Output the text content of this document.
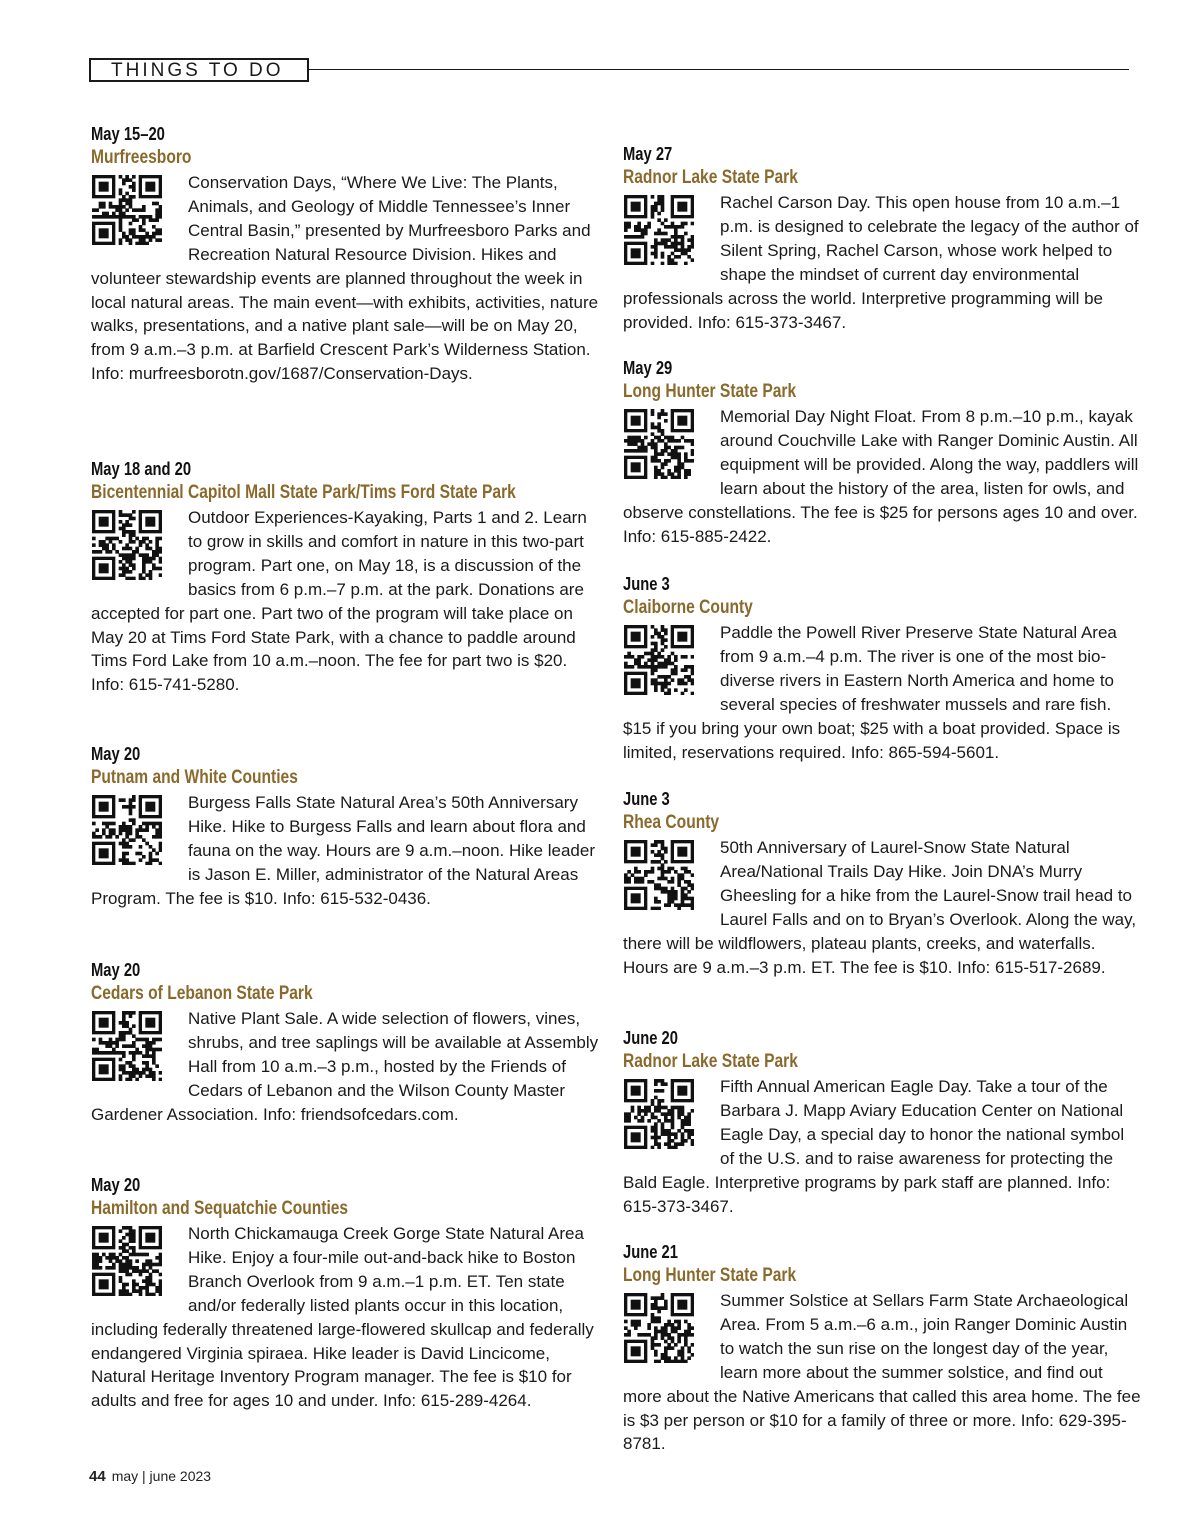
THINGS TO DO
May 15–20
Murfreesboro

Conservation Days, “Where We Live: The Plants, Animals, and Geology of Middle Tennessee’s Inner Central Basin,” presented by Murfreesboro Parks and Recreation Natural Resource Division. Hikes and volunteer stewardship events are planned throughout the week in local natural areas. The main event—with exhibits, activities, nature walks, presentations, and a native plant sale—will be on May 20, from 9 a.m.–3 p.m. at Barfield Crescent Park’s Wilderness Station. Info: murfreesborotn.gov/1687/Conservation-Days.

May 18 and 20
Bicentennial Capitol Mall State Park/Tims Ford State Park

Outdoor Experiences-Kayaking, Parts 1 and 2. Learn to grow in skills and comfort in nature in this two-part program. Part one, on May 18, is a discussion of the basics from 6 p.m.–7 p.m. at the park. Donations are accepted for part one. Part two of the program will take place on May 20 at Tims Ford State Park, with a chance to paddle around Tims Ford Lake from 10 a.m.–noon. The fee for part two is $20. Info: 615-741-5280.

May 20
Putnam and White Counties

Burgess Falls State Natural Area’s 50th Anniversary Hike. Hike to Burgess Falls and learn about flora and fauna on the way. Hours are 9 a.m.–noon. Hike leader is Jason E. Miller, administrator of the Natural Areas Program. The fee is $10. Info: 615-532-0436.

May 20
Cedars of Lebanon State Park

Native Plant Sale. A wide selection of flowers, vines, shrubs, and tree saplings will be available at Assembly Hall from 10 a.m.–3 p.m., hosted by the Friends of Cedars of Lebanon and the Wilson County Master Gardener Association. Info: friendsofcedars.com.

May 20
Hamilton and Sequatchie Counties

North Chickamauga Creek Gorge State Natural Area Hike. Enjoy a four-mile out-and-back hike to Boston Branch Overlook from 9 a.m.–1 p.m. ET. Ten state and/or federally listed plants occur in this location, including federally threatened large-flowered skullcap and federally endangered Virginia spiraea. Hike leader is David Lincicome, Natural Heritage Inventory Program manager. The fee is $10 for adults and free for ages 10 and under. Info: 615-289-4264.

May 27
Radnor Lake State Park

Rachel Carson Day. This open house from 10 a.m.–1 p.m. is designed to celebrate the legacy of the author of Silent Spring, Rachel Carson, whose work helped to shape the mindset of current day environmental professionals across the world. Interpretive programming will be provided. Info: 615-373-3467.

May 29
Long Hunter State Park

Memorial Day Night Float. From 8 p.m.–10 p.m., kayak around Couchville Lake with Ranger Dominic Austin. All equipment will be provided. Along the way, paddlers will learn about the history of the area, listen for owls, and observe constellations. The fee is $25 for persons ages 10 and over. Info: 615-885-2422.

June 3
Claiborne County

Paddle the Powell River Preserve State Natural Area from 9 a.m.–4 p.m. The river is one of the most bio-diverse rivers in Eastern North America and home to several species of freshwater mussels and rare fish. $15 if you bring your own boat; $25 with a boat provided. Space is limited, reservations required. Info: 865-594-5601.

June 3
Rhea County

50th Anniversary of Laurel-Snow State Natural Area/National Trails Day Hike. Join DNA’s Murry Gheesling for a hike from the Laurel-Snow trail head to Laurel Falls and on to Bryan’s Overlook. Along the way, there will be wildflowers, plateau plants, creeks, and waterfalls. Hours are 9 a.m.–3 p.m. ET. The fee is $10. Info: 615-517-2689.

June 20
Radnor Lake State Park

Fifth Annual American Eagle Day. Take a tour of the Barbara J. Mapp Aviary Education Center on National Eagle Day, a special day to honor the national symbol of the U.S. and to raise awareness for protecting the Bald Eagle. Interpretive programs by park staff are planned. Info: 615-373-3467.

June 21
Long Hunter State Park

Summer Solstice at Sellars Farm State Archaeological Area. From 5 a.m.–6 a.m., join Ranger Dominic Austin to watch the sun rise on the longest day of the year, learn more about the summer solstice, and find out more about the Native Americans that called this area home. The fee is $3 per person or $10 for a family of three or more. Info: 629-395-8781.

44 may | june 2023
